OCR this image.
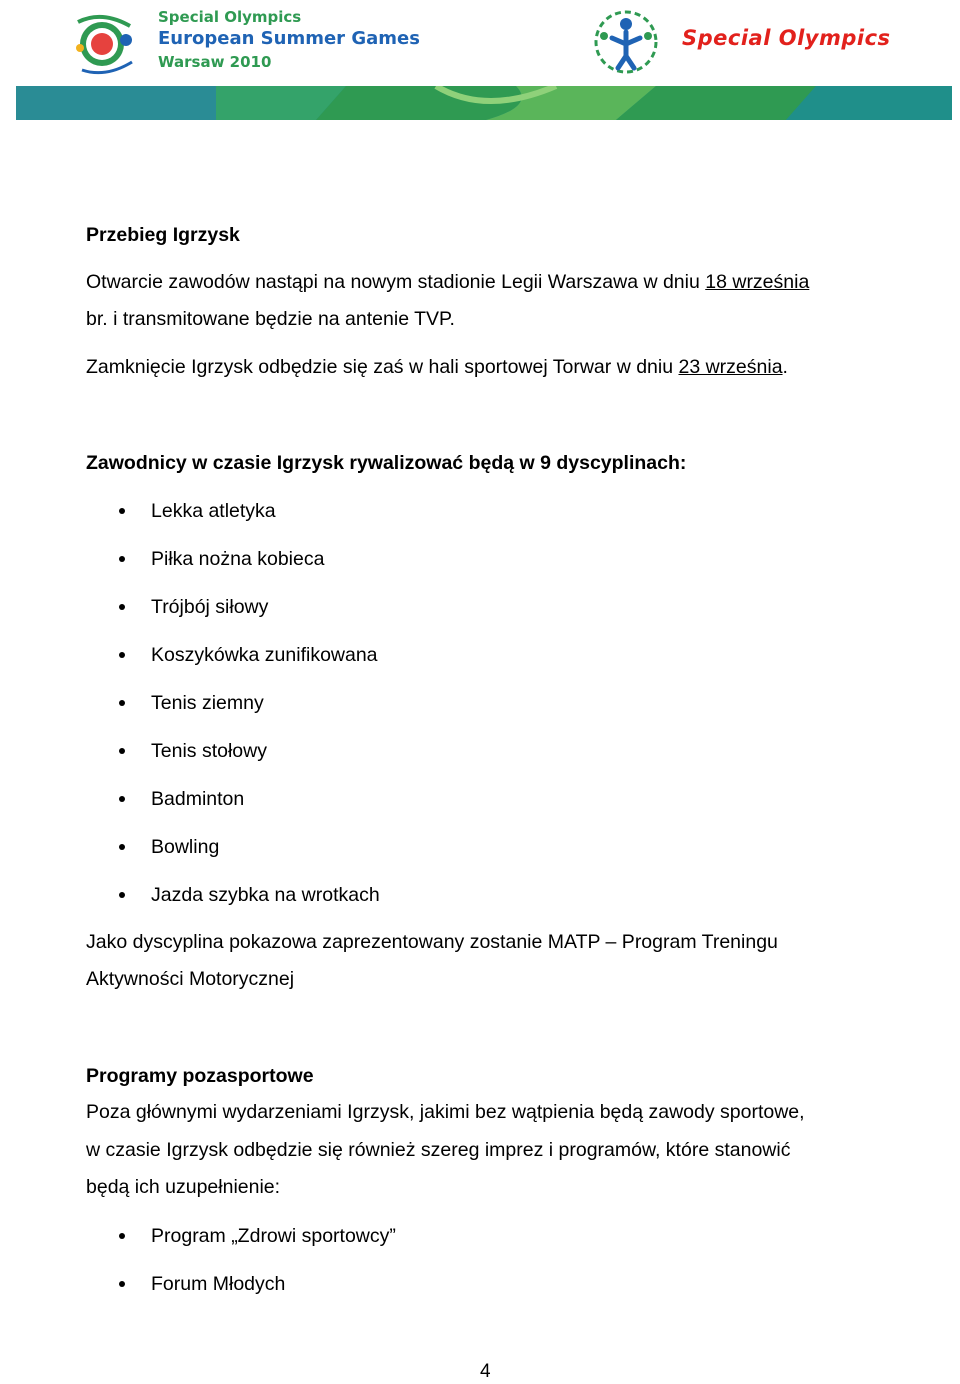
Special Olympics
European Summer Games
Warsaw 2010
Special Olympics
Przebieg Igrzysk
Otwarcie zawodów nastąpi na nowym stadionie Legii Warszawa w dniu 18 września
br. i transmitowane będzie na antenie TVP.
Zamknięcie Igrzysk odbędzie się zaś w hali sportowej Torwar w dniu 23 września.
Zawodnicy w czasie Igrzysk rywalizować będą w 9 dyscyplinach:
Lekka atletyka
Piłka nożna kobieca
Trójbój siłowy
Koszykówka zunifikowana
Tenis ziemny
Tenis stołowy
Badminton
Bowling
Jazda szybka na wrotkach
Jako dyscyplina pokazowa zaprezentowany zostanie MATP – Program Treningu
Aktywności Motorycznej
Programy pozasportowe
Poza głównymi wydarzeniami Igrzysk, jakimi bez wątpienia będą zawody sportowe,
w czasie Igrzysk odbędzie się również szereg imprez i programów, które stanowić
będą ich uzupełnienie:
Program „Zdrowi sportowcy”
Forum Młodych
4
